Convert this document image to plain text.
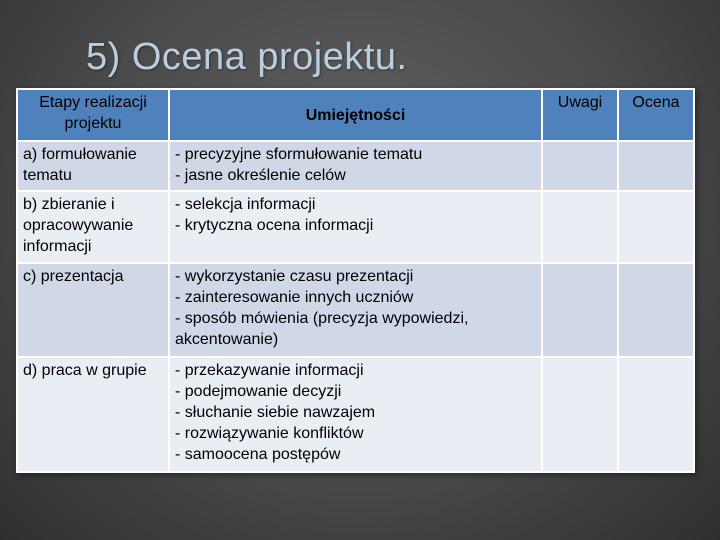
5) Ocena projektu.
Etapy realizacji projektu	Umiejętności	Uwagi	Ocena
a) formułowanie tematu	- precyzyjne sformułowanie tematu
- jasne określenie celów		

b) zbieranie i opracowywanie informacji	- selekcja informacji
- krytyczna ocena informacji		

c) prezentacja	- wykorzystanie czasu prezentacji
- zainteresowanie innych uczniów
- sposób mówienia (precyzja wypowiedzi,
akcentowanie)		

d) praca w grupie	- przekazywanie informacji
- podejmowanie decyzji
- słuchanie siebie nawzajem
- rozwiązywanie konfliktów
- samoocena postępów		
